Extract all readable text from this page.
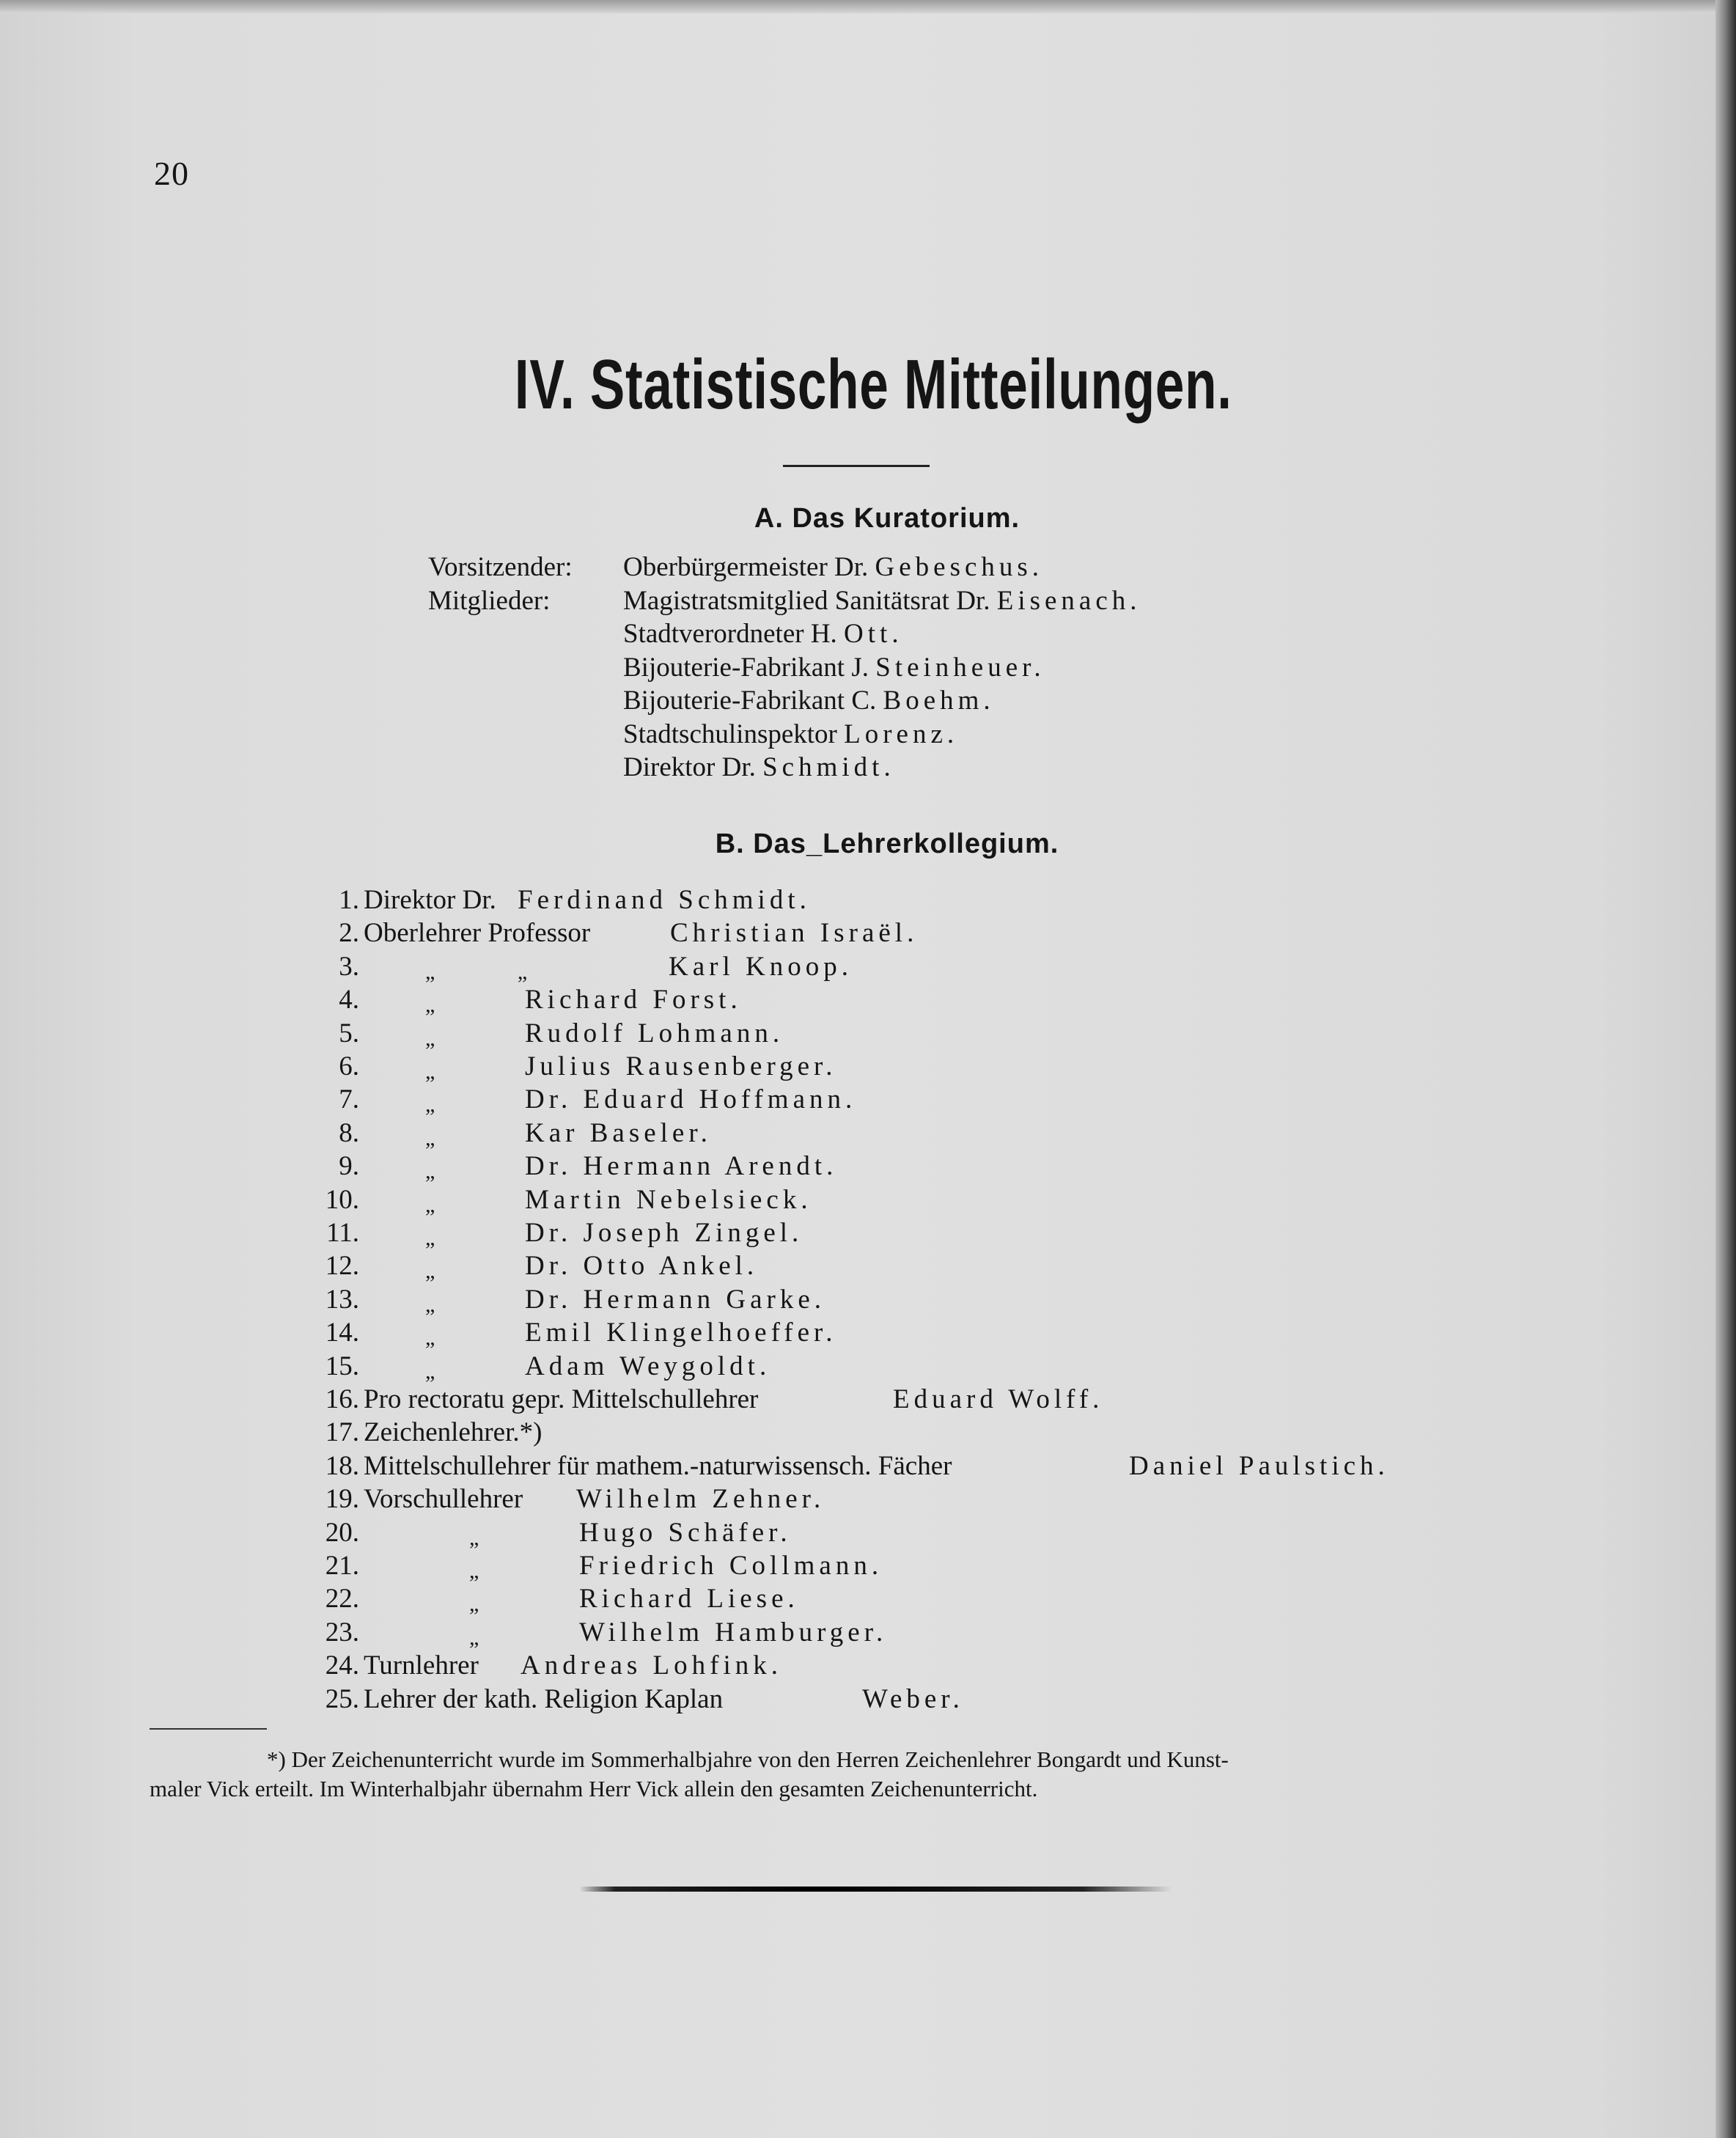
20
IV. Statistische Mitteilungen.
A. Das Kuratorium.
Vorsitzender: Oberbürgermeister Dr. Gebeschus.
Mitglieder:	Magistratsmitglied Sanitätsrat Dr. Eisenach.
Stadtverordneter H. Ott.
Bijouterie-Fabrikant J. Steinheuer.
Bijouterie-Fabrikant C. Boehm.
Stadtschulinspektor Lorenz.
Direktor Dr. Schmidt.
B. Das_Lehrerkollegium.
1. Direktor Dr. Ferdinand Schmidt.
2. Oberlehrer Professor	Christian Israël.
3.	„               „	Karl Knoop.
4.	„	Richard Forst.
5.	„	Rudolf Lohmann.
6.	„	Julius Rausenberger.
7.	„	Dr. Eduard Hoffmann.
8.	„	Kar Baseler.
9.	„	Dr. Hermann Arendt.
10.	„	Martin Nebelsieck.
11.	„	Dr. Joseph Zingel.
12.	„	Dr. Otto Ankel.
13.	„	Dr. Hermann Garke.
14.	„	Emil Klingelhoeffer.
15.	„	Adam Weygoldt.
16. Pro rectoratu gepr. Mittelschullehrer	Eduard Wolff.
17. Zeichenlehrer.*)
18. Mittelschullehrer für mathem.-naturwissensch. Fächer	Daniel Paulstich.
19. Vorschullehrer Wilhelm Zehner.
20.	„	Hugo Schäfer.
21.	„	Friedrich Collmann.
22.	„	Richard Liese.
23.	„	Wilhelm Hamburger.
24. Turnlehrer Andreas Lohfink.
25. Lehrer der kath. Religion Kaplan	Weber.
*) Der Zeichenunterricht wurde im Sommerhalbjahre von den Herren Zeichenlehrer Bongardt und Kunst-
maler Vick erteilt. Im Winterhalbjahr übernahm Herr Vick allein den gesamten Zeichenunterricht.
